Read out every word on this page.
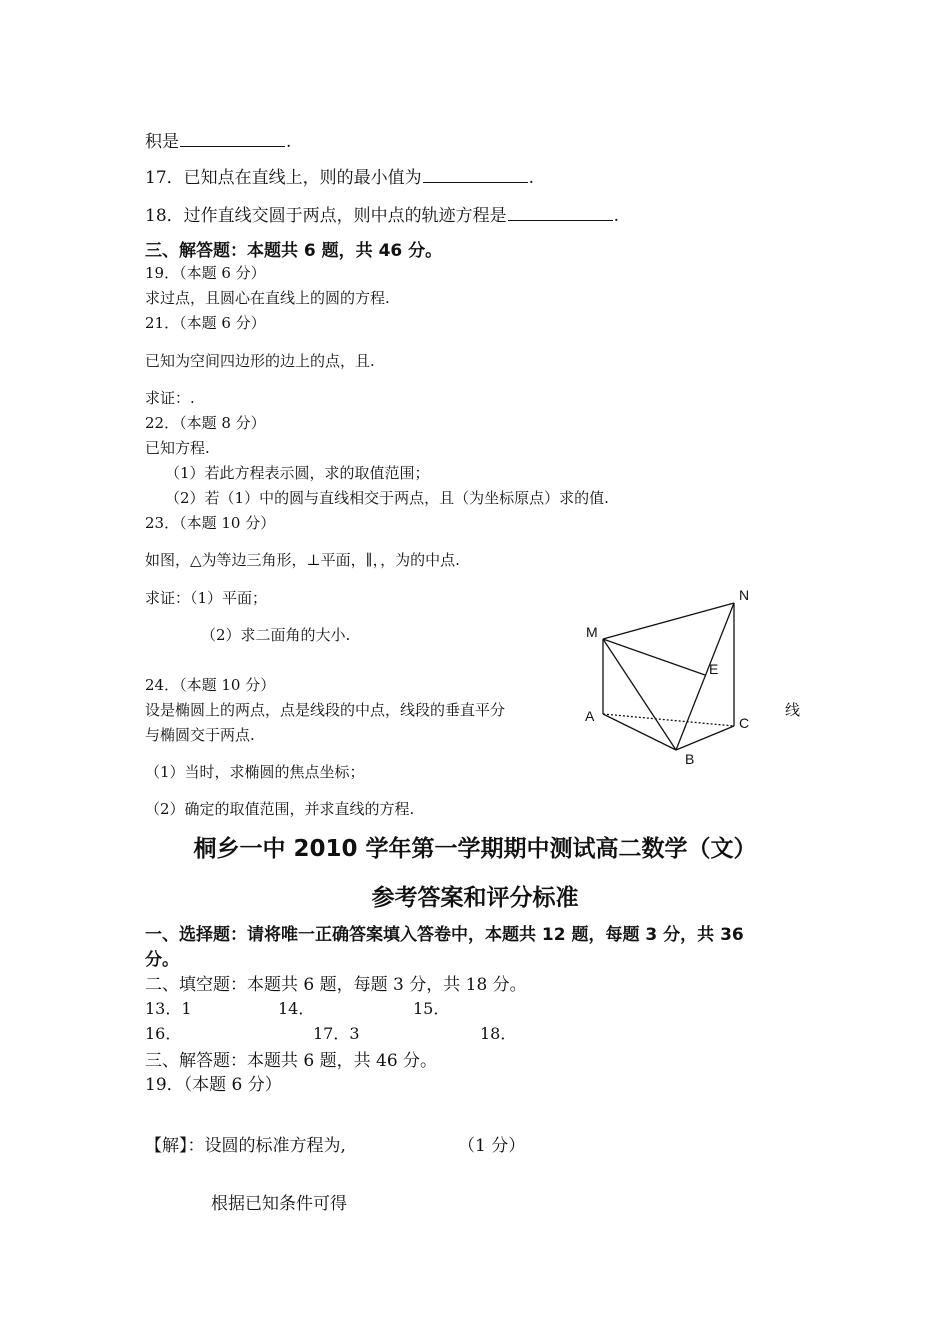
积是	.
17．已知点在直线上，则的最小值为	.
18．过作直线交圆于两点，则中点的轨迹方程是	.
三、解答题：本题共 6 题，共 46 分。
19．（本题 6 分）
求过点，且圆心在直线上的圆的方程.
21．（本题 6 分）
已知为空间四边形的边上的点，且.
求证：.
22．（本题 8 分）
已知方程.
（1）若此方程表示圆，求的取值范围；
（2）若（1）中的圆与直线相交于两点，且（为坐标原点）求的值.
23．（本题 10 分）
如图，△为等边三角形，⊥平面，∥，，为的中点.
求证：（1）平面；
（2）求二面角的大小.
24．（本题 10 分）
设是椭圆上的两点，点是线段的中点，线段的垂直平分	线
与椭圆交于两点.
（1）当时，求椭圆的焦点坐标；
（2）确定的取值范围，并求直线的方程.
M
N
E
A	C
B
桐乡一中 2010 学年第一学期期中测试高二数学（文）
参考答案和评分标准
一、选择题：请将唯一正确答案填入答卷中，本题共 12 题，每题 3 分，共 36
分。
二、填空题：本题共 6 题，每题 3 分，共 18 分。
13．1	14．	15．
16．	17．3	18．
三、解答题：本题共 6 题，共 46 分。
19．（本题 6 分）
【解】：设圆的标准方程为,	（1 分）
根据已知条件可得
